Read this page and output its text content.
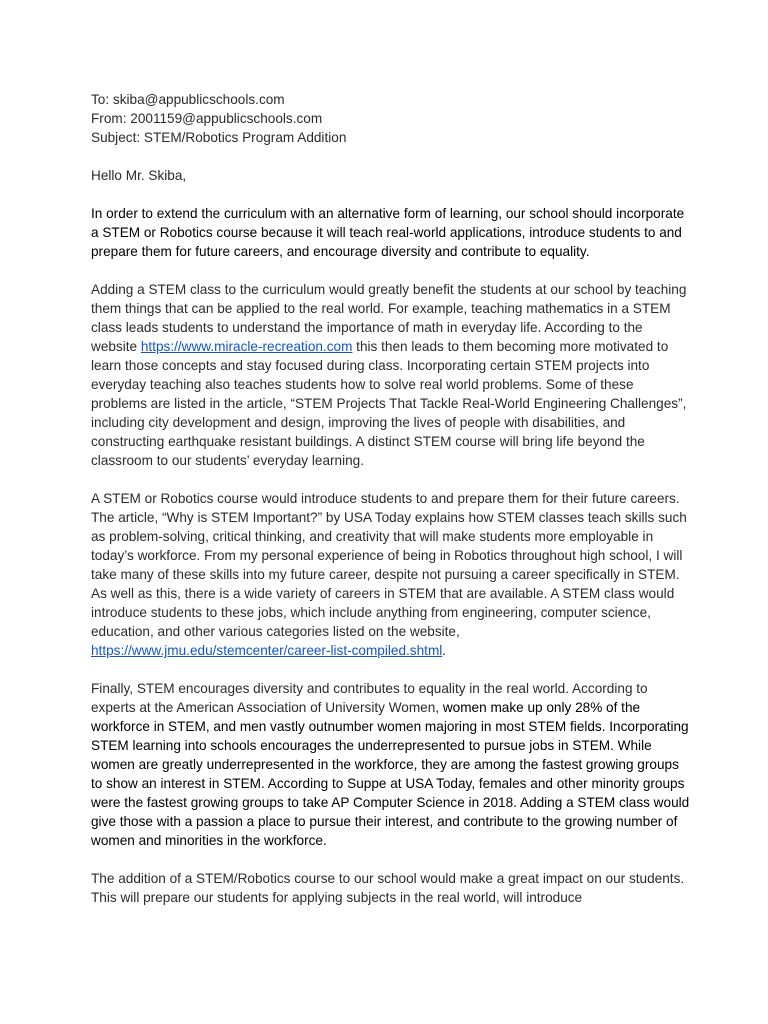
To: skiba@appublicschools.com

From: 2001159@appublicschools.com

Subject: STEM/Robotics Program Addition

Hello Mr. Skiba,

In order to extend the curriculum with an alternative form of learning, our school should incorporate a STEM or Robotics course because it will teach real-world applications, introduce students to and prepare them for future careers, and encourage diversity and contribute to equality.

Adding a STEM class to the curriculum would greatly benefit the students at our school by teaching them things that can be applied to the real world. For example, teaching mathematics in a STEM class leads students to understand the importance of math in everyday life. According to the website https://www.miracle-recreation.com this then leads to them becoming more motivated to learn those concepts and stay focused during class. Incorporating certain STEM projects into everyday teaching also teaches students how to solve real world problems. Some of these problems are listed in the article, “STEM Projects That Tackle Real-World Engineering Challenges”, including city development and design, improving the lives of people with disabilities, and constructing earthquake resistant buildings. A distinct STEM course will bring life beyond the classroom to our students’ everyday learning.

A STEM or Robotics course would introduce students to and prepare them for their future careers. The article, “Why is STEM Important?” by USA Today explains how STEM classes teach skills such as problem-solving, critical thinking, and creativity that will make students more employable in today’s workforce. From my personal experience of being in Robotics throughout high school, I will take many of these skills into my future career, despite not pursuing a career specifically in STEM. As well as this, there is a wide variety of careers in STEM that are available. A STEM class would introduce students to these jobs, which include anything from engineering, computer science, education, and other various categories listed on the website, https://www.jmu.edu/stemcenter/career-list-compiled.shtml.

Finally, STEM encourages diversity and contributes to equality in the real world. According to experts at the American Association of University Women, women make up only 28% of the workforce in STEM, and men vastly outnumber women majoring in most STEM fields. Incorporating STEM learning into schools encourages the underrepresented to pursue jobs in STEM. While women are greatly underrepresented in the workforce, they are among the fastest growing groups to show an interest in STEM. According to Suppe at USA Today, females and other minority groups were the fastest growing groups to take AP Computer Science in 2018. Adding a STEM class would give those with a passion a place to pursue their interest, and contribute to the growing number of women and minorities in the workforce.

The addition of a STEM/Robotics course to our school would make a great impact on our students. This will prepare our students for applying subjects in the real world, will introduce
